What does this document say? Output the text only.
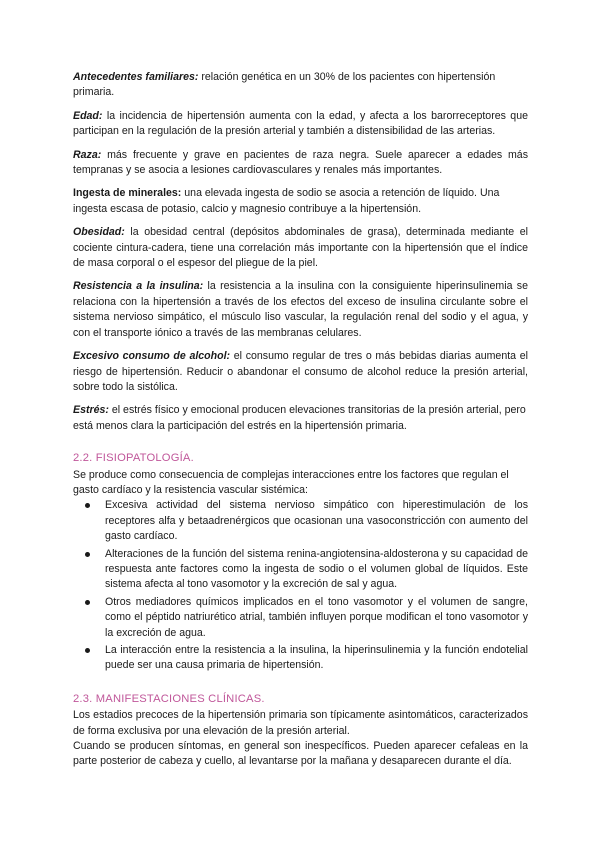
Antecedentes familiares: relación genética en un 30% de los pacientes con hipertensión primaria.

Edad: la incidencia de hipertensión aumenta con la edad, y afecta a los barorreceptores que participan en la regulación de la presión arterial y también a distensibilidad de las arterias.

Raza: más frecuente y grave en pacientes de raza negra. Suele aparecer a edades más tempranas y se asocia a lesiones cardiovasculares y renales más importantes.

Ingesta de minerales: una elevada ingesta de sodio se asocia a retención de líquido. Una ingesta escasa de potasio, calcio y magnesio contribuye a la hipertensión.

Obesidad: la obesidad central (depósitos abdominales de grasa), determinada mediante el cociente cintura-cadera, tiene una correlación más importante con la hipertensión que el índice de masa corporal o el espesor del pliegue de la piel.

Resistencia a la insulina: la resistencia a la insulina con la consiguiente hiperinsulinemia se relaciona con la hipertensión a través de los efectos del exceso de insulina circulante sobre el sistema nervioso simpático, el músculo liso vascular, la regulación renal del sodio y el agua, y con el transporte iónico a través de las membranas celulares.

Excesivo consumo de alcohol: el consumo regular de tres o más bebidas diarias aumenta el riesgo de hipertensión. Reducir o abandonar el consumo de alcohol reduce la presión arterial, sobre todo la sistólica.

Estrés: el estrés físico y emocional producen elevaciones transitorias de la presión arterial, pero está menos clara la participación del estrés en la hipertensión primaria.

2.2. FISIOPATOLOGÍA.

Se produce como consecuencia de complejas interacciones entre los factores que regulan el gasto cardíaco y la resistencia vascular sistémica:

Excesiva actividad del sistema nervioso simpático con hiperestimulación de los receptores alfa y betaadrenérgicos que ocasionan una vasoconstricción con aumento del gasto cardíaco.
Alteraciones de la función del sistema renina-angiotensina-aldosterona y su capacidad de respuesta ante factores como la ingesta de sodio o el volumen global de líquidos. Este sistema afecta al tono vasomotor y la excreción de sal y agua.
Otros mediadores químicos implicados en el tono vasomotor y el volumen de sangre, como el péptido natriurético atrial, también influyen porque modifican el tono vasomotor y la excreción de agua.
La interacción entre la resistencia a la insulina, la hiperinsulinemia y la función endotelial puede ser una causa primaria de hipertensión.
2.3. MANIFESTACIONES CLÍNICAS.

Los estadios precoces de la hipertensión primaria son típicamente asintomáticos, caracterizados de forma exclusiva por una elevación de la presión arterial.

Cuando se producen síntomas, en general son inespecíficos. Pueden aparecer cefaleas en la parte posterior de cabeza y cuello, al levantarse por la mañana y desaparecen durante el día.
